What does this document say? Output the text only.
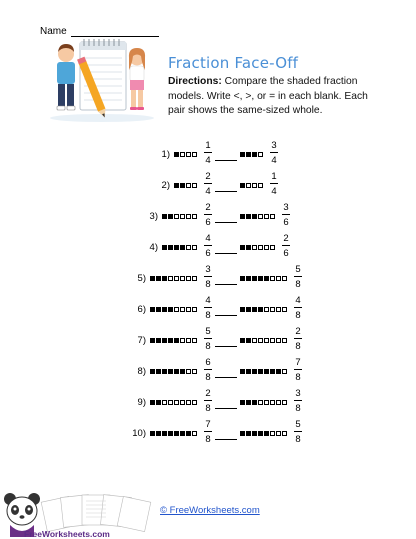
Name
Fraction Face-Off
Directions: Compare the shaded fraction models. Write <, >, or = in each blank. Each pair shows the same-sized whole.
1)
1
4
3
4
2)
2
4
1
4
3)
2
6
3
6
4)
4
6
2
6
5)
3
8
5
8
6)
4
8
4
8
7)
5
8
2
8
8)
6
8
7
8
9)
2
8
3
8
10)
7
8
5
8
© FreeWorksheets.com
FreeWorksheets.com
